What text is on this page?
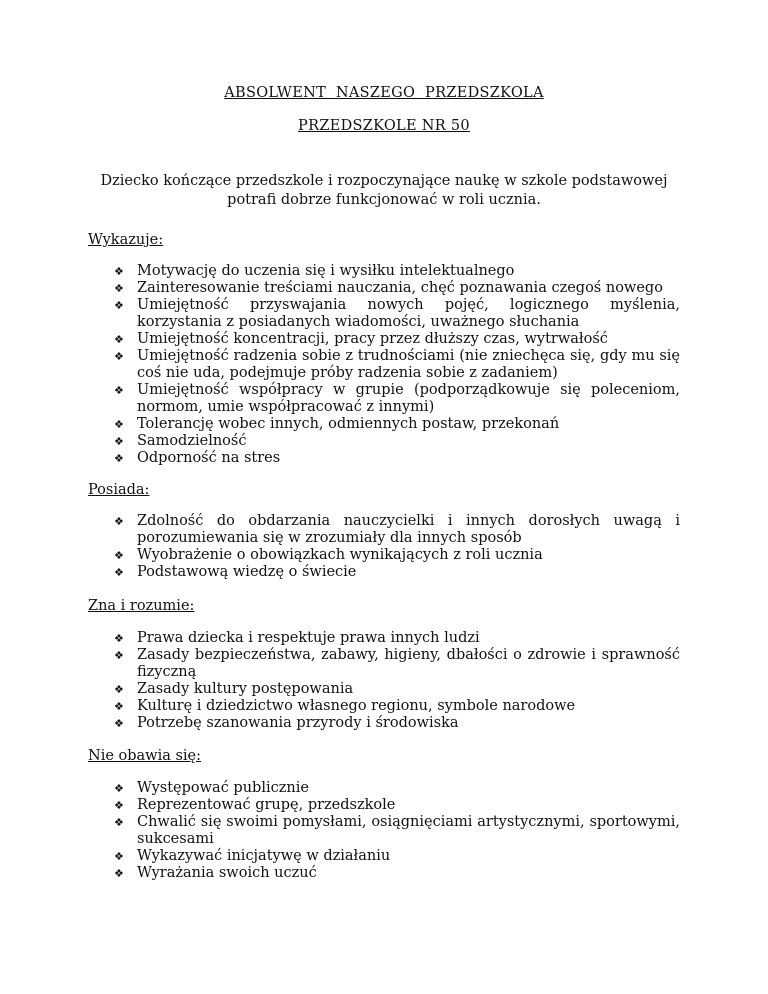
ABSOLWENT  NASZEGO  PRZEDSZKOLA
PRZEDSZKOLE NR 50
Dziecko kończące przedszkole i rozpoczynające naukę w szkole podstawowej potrafi dobrze funkcjonować w roli ucznia.
Wykazuje:
❖ Motywację do uczenia się i wysiłku intelektualnego
❖ Zainteresowanie treściami nauczania, chęć poznawania czegoś nowego
❖ Umiejętność przyswajania nowych pojęć, logicznego myślenia, korzystania z posiadanych wiadomości, uważnego słuchania
❖ Umiejętność koncentracji, pracy przez dłuższy czas, wytrwałość
❖ Umiejętność radzenia sobie z trudnościami (nie zniechęca się, gdy mu się coś nie uda, podejmuje próby radzenia sobie z zadaniem)
❖ Umiejętność współpracy w grupie (podporządkowuje się poleceniom, normom, umie współpracować z innymi)
❖ Tolerancję wobec innych, odmiennych postaw, przekonań
❖ Samodzielność
❖ Odporność na stres
Posiada:
❖ Zdolność do obdarzania nauczycielki i innych dorosłych uwagą i porozumiewania się w zrozumiały dla innych sposób
❖ Wyobrażenie o obowiązkach wynikających z roli ucznia
❖ Podstawową wiedzę o świecie
Zna i rozumie:
❖ Prawa dziecka i respektuje prawa innych ludzi
❖ Zasady bezpieczeństwa, zabawy, higieny, dbałości o zdrowie i sprawność fizyczną
❖ Zasady kultury postępowania
❖ Kulturę i dziedzictwo własnego regionu, symbole narodowe
❖ Potrzebę szanowania przyrody i środowiska
Nie obawia się:
❖ Występować publicznie
❖ Reprezentować grupę, przedszkole
❖ Chwalić się swoimi pomysłami, osiągnięciami artystycznymi, sportowymi, sukcesami
❖ Wykazywać inicjatywę w działaniu
❖ Wyrażania swoich uczuć
